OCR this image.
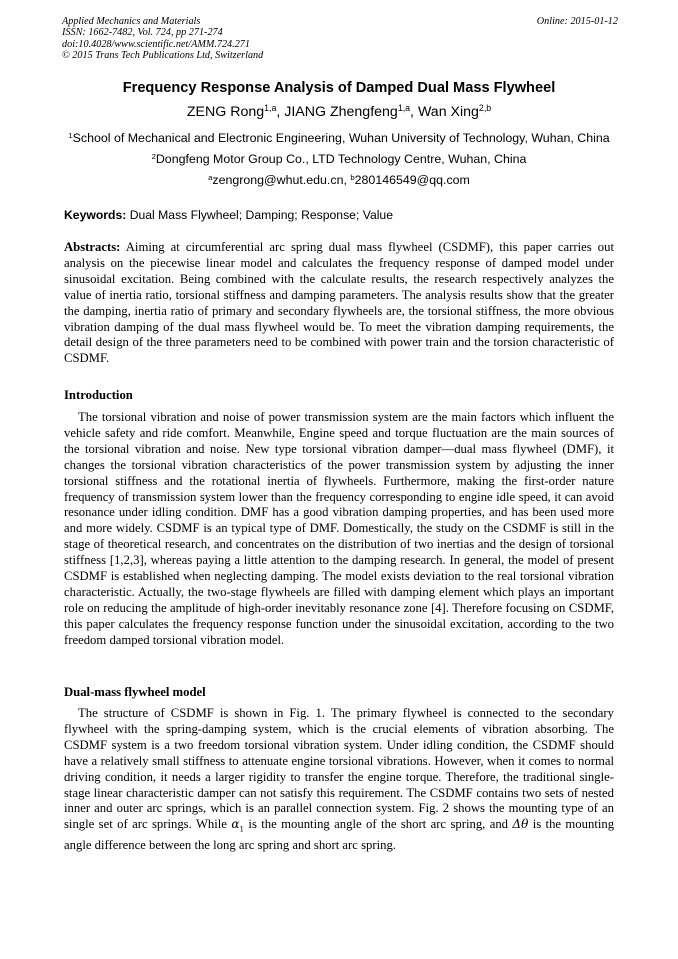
Applied Mechanics and Materials
ISSN: 1662-7482, Vol. 724, pp 271-274
doi:10.4028/www.scientific.net/AMM.724.271
© 2015 Trans Tech Publications Ltd, Switzerland
Online: 2015-01-12
Frequency Response Analysis of Damped Dual Mass Flywheel
ZENG Rong$^{1,a}$, JIANG Zhengfeng$^{1,a}$, Wan Xing$^{2,b}$
$^1$School of Mechanical and Electronic Engineering, Wuhan University of Technology, Wuhan, China
$^2$Dongfeng Motor Group Co., LTD Technology Centre, Wuhan, China
$^a$zengrong@whut.edu.cn, $^b$280146549@qq.com
Keywords: Dual Mass Flywheel; Damping; Response; Value

Abstracts: Aiming at circumferential arc spring dual mass flywheel (CSDMF), this paper carries out analysis on the piecewise linear model and calculates the frequency response of damped model under sinusoidal excitation. Being combined with the calculate results, the research respectively analyzes the value of inertia ratio, torsional stiffness and damping parameters. The analysis results show that the greater the damping, inertia ratio of primary and secondary flywheels are, the torsional stiffness, the more obvious vibration damping of the dual mass flywheel would be. To meet the vibration damping requirements, the detail design of the three parameters need to be combined with power train and the torsion characteristic of CSDMF.

Introduction

The torsional vibration and noise of power transmission system are the main factors which influent the vehicle safety and ride comfort. Meanwhile, Engine speed and torque fluctuation are the main sources of the torsional vibration and noise. New type torsional vibration damper—dual mass flywheel (DMF), it changes the torsional vibration characteristics of the power transmission system by adjusting the inner torsional stiffness and the rotational inertia of flywheels. Furthermore, making the first-order nature frequency of transmission system lower than the frequency corresponding to engine idle speed, it can avoid resonance under idling condition. DMF has a good vibration damping properties, and has been used more and more widely. CSDMF is an typical type of DMF. Domestically, the study on the CSDMF is still in the stage of theoretical research, and concentrates on the distribution of two inertias and the design of torsional stiffness [1,2,3], whereas paying a little attention to the damping research. In general, the model of present CSDMF is established when neglecting damping. The model exists deviation to the real torsional vibration characteristic. Actually, the two-stage flywheels are filled with damping element which plays an important role on reducing the amplitude of high-order inevitably resonance zone [4]. Therefore focusing on CSDMF, this paper calculates the frequency response function under the sinusoidal excitation, according to the two freedom damped torsional vibration model.

Dual-mass flywheel model

The structure of CSDMF is shown in Fig. 1. The primary flywheel is connected to the secondary flywheel with the spring-damping system, which is the crucial elements of vibration absorbing. The CSDMF system is a two freedom torsional vibration system. Under idling condition, the CSDMF should have a relatively small stiffness to attenuate engine torsional vibrations. However, when it comes to normal driving condition, it needs a larger rigidity to transfer the engine torque. Therefore, the traditional single-stage linear characteristic damper can not satisfy this requirement. The CSDMF contains two sets of nested inner and outer arc springs, which is an parallel connection system. Fig. 2 shows the mounting type of an single set of arc springs. While $\alpha_1$ is the mounting angle of the short arc spring, and Δθ is the mounting angle difference between the long arc spring and short arc spring.
